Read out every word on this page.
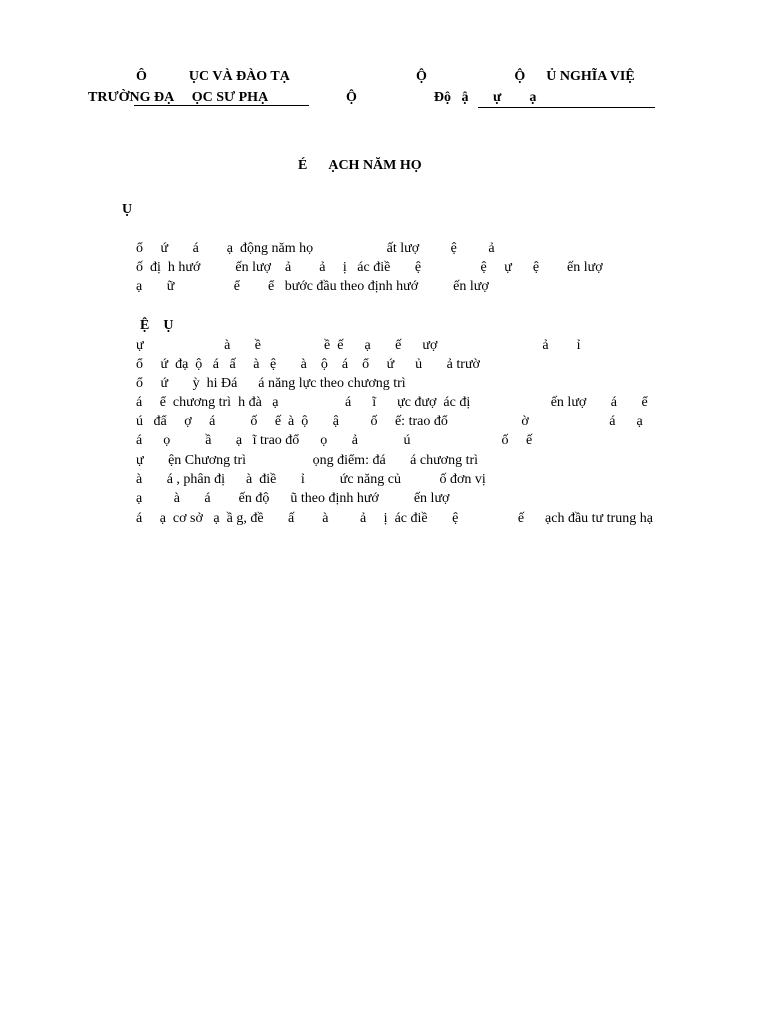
Ô            ỤC VÀ ĐÀO TẠ
TRƯỜNG ĐẠ     ỌC SƯ PHẠ
Ộ                         Ộ      Ủ NGHĨA VIỆ
Ộ                      Độ   ậ       ự        ạ
É      ẠCH NĂM HỌ
Ụ
ổ     ứ       á        ạ  động năm họ                     ất lượ         ệ         ả
ố  đị  h hướ          ến lượ    ả        ả     ị   ác điề       ệ                 ệ     ự      ệ        ến lượ
ạ       ữ                 ể        ể   bước đầu theo định hướ          ến lượ
Ệ    Ụ
ự                       à       ề                  ề  ế      ạ       ế      ượ                              ả        ỉ
ổ     ứ  đạ  ộ   á   ấ     à   ệ       à    ộ    á    ổ     ứ      ủ       ả trườ
ổ     ứ       ỳ  hi Đá      á năng lực theo chương trì
á     ể  chương trì  h đà   ạ                   á      ĩ      ực đượ  ác đị                       ến lượ       á       ể
ú   đẩ     ợ     á          ố     ế  à  ộ       ậ         ố     ế: trao đổ                     ờ                       á      ạ
á      ọ          ầ       ạ   ĩ trao đổ      ọ       ả             ú                          ố     ế
ự       ện Chương trì                   ọng điểm: đá       á chương trì
à       á , phân đị      à  điề       ỉ          ức năng củ           ố đơn vị
ạ         à       á        ến độ      ũ theo định hướ          ến lượ
á     ạ  cơ sở   ạ  ầ g, đề       ấ        à         ả     ị  ác điề       ệ                 ế      ạch đầu tư trung hạ
